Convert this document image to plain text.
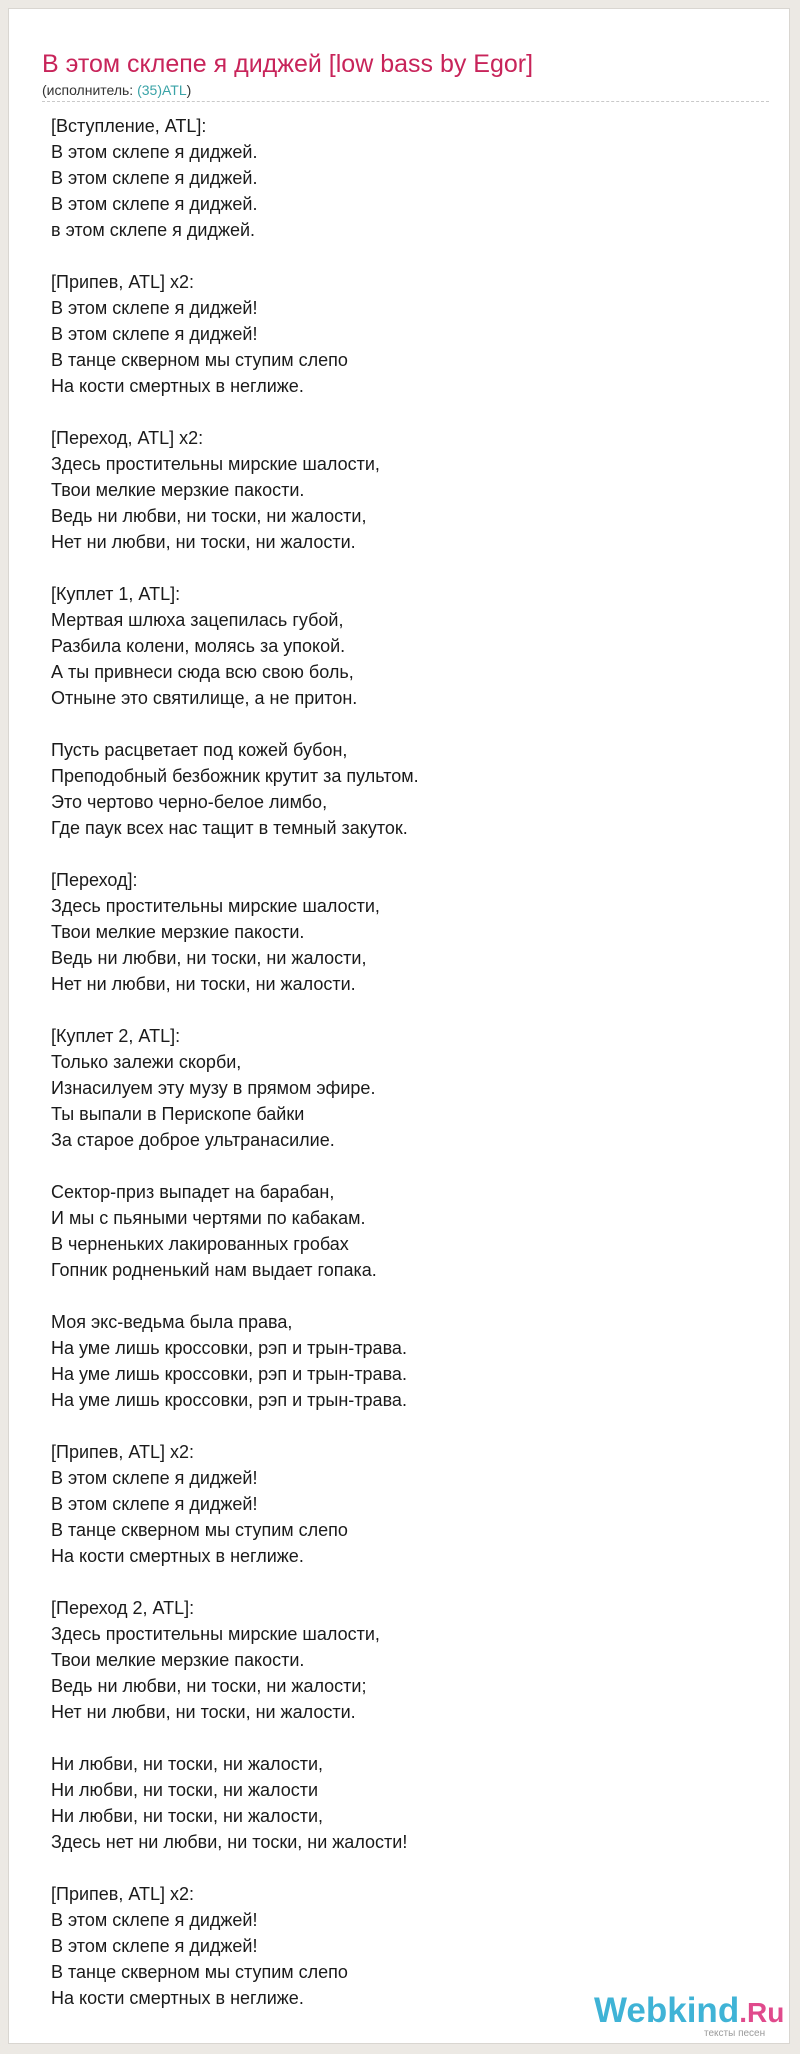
В этом склепе я диджей [low bass by Egor]
(исполнитель: (35)ATL)
[Вступление, ATL]:
В этом склепе я диджей.
В этом склепе я диджей.
В этом склепе я диджей.
в этом склепе я диджей.
[Припев, ATL] x2:
В этом склепе я диджей!
В этом склепе я диджей!
В танце скверном мы ступим слепо
На кости смертных в неглиже.
[Переход, ATL] x2:
Здесь простительны мирские шалости,
Твои мелкие мерзкие пакости.
Ведь ни любви, ни тоски, ни жалости,
Нет ни любви, ни тоски, ни жалости.
[Куплет 1, ATL]:
Мертвая шлюха зацепилась губой,
Разбила колени, молясь за упокой.
А ты привнеси сюда всю свою боль,
Отныне это святилище, а не притон.
Пусть расцветает под кожей бубон,
Преподобный безбожник крутит за пультом.
Это чертово черно-белое лимбо,
Где паук всех нас тащит в темный закуток.
[Переход]:
Здесь простительны мирские шалости,
Твои мелкие мерзкие пакости.
Ведь ни любви, ни тоски, ни жалости,
Нет ни любви, ни тоски, ни жалости.
[Куплет 2, ATL]:
Только залежи скорби,
Изнасилуем эту музу в прямом эфире.
Ты выпали в Перископе байки
За старое доброе ультранасилие.
Сектор-приз выпадет на барабан,
И мы с пьяными чертями по кабакам.
В черненьких лакированных гробах
Гопник родненький нам выдает гопака.
Моя экс-ведьма была права,
На уме лишь кроссовки, рэп и трын-трава.
На уме лишь кроссовки, рэп и трын-трава.
На уме лишь кроссовки, рэп и трын-трава.
[Припев, ATL] x2:
В этом склепе я диджей!
В этом склепе я диджей!
В танце скверном мы ступим слепо
На кости смертных в неглиже.
[Переход 2, ATL]:
Здесь простительны мирские шалости,
Твои мелкие мерзкие пакости.
Ведь ни любви, ни тоски, ни жалости;
Нет ни любви, ни тоски, ни жалости.
Ни любви, ни тоски, ни жалости,
Ни любви, ни тоски, ни жалости
Ни любви, ни тоски, ни жалости,
Здесь нет ни любви, ни тоски, ни жалости!
[Припев, ATL] x2:
В этом склепе я диджей!
В этом склепе я диджей!
В танце скверном мы ступим слепо
На кости смертных в неглиже.	Webkind.Ru
тексты песен
